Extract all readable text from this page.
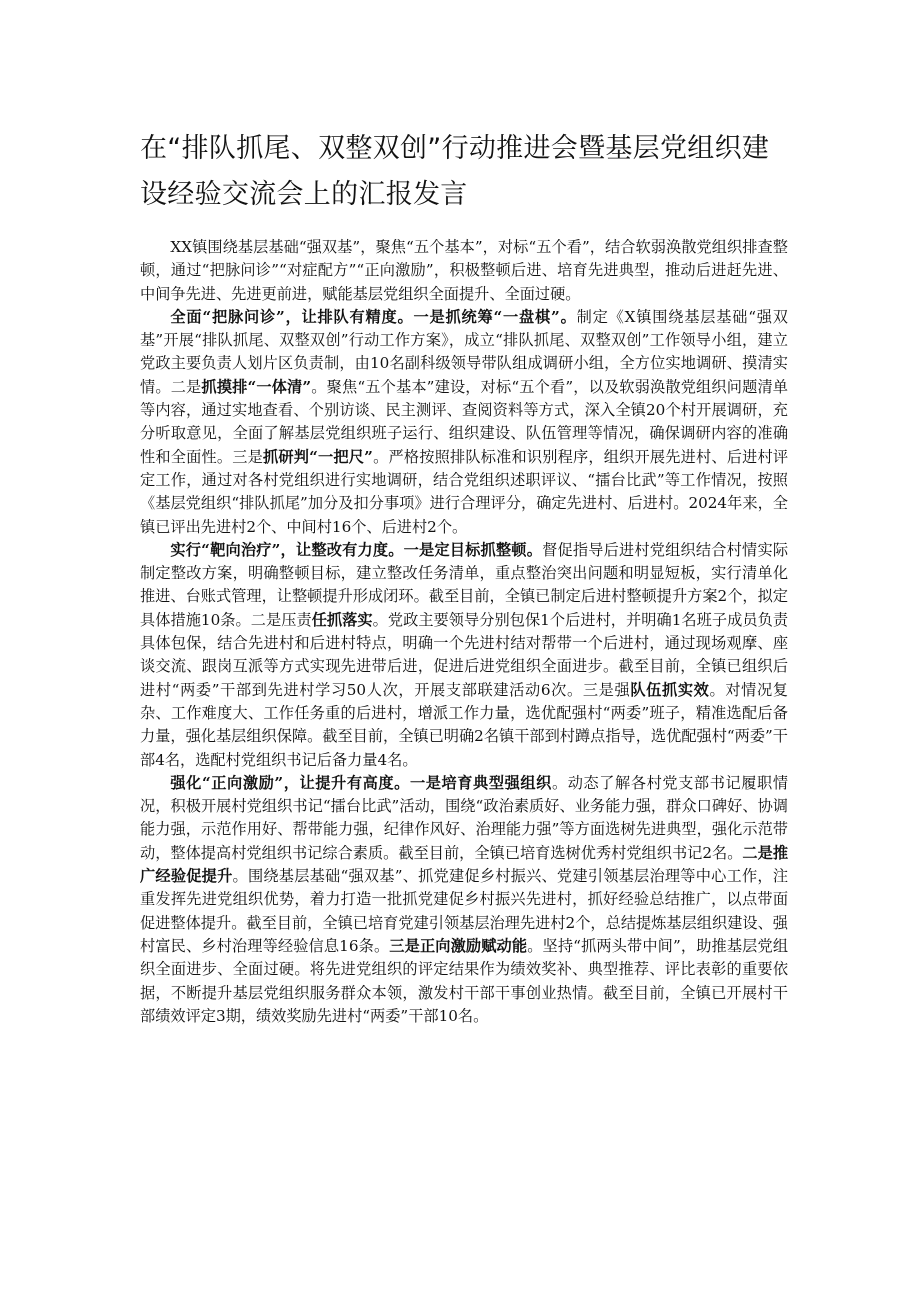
在“排队抓尾、双整双创”行动推进会暨基层党组织建设经验交流会上的汇报发言

XX镇围绕基层基础“强双基”，聚焦“五个基本”，对标“五个看”，结合软弱涣散党组织排查整顿，通过“把脉问诊”“对症配方”“正向激励”，积极整顿后进、培育先进典型，推动后进赶先进、中间争先进、先进更前进，赋能基层党组织全面提升、全面过硬。

全面“把脉问诊”，让排队有精度。一是抓统筹“一盘棋”。制定《X镇围绕基层基础“强双基”开展“排队抓尾、双整双创”行动工作方案》，成立“排队抓尾、双整双创”工作领导小组，建立党政主要负责人划片区负责制，由10名副科级领导带队组成调研小组，全方位实地调研、摸清实情。二是抓摸排“一体清”。聚焦“五个基本”建设，对标“五个看”，以及软弱涣散党组织问题清单等内容，通过实地查看、个别访谈、民主测评、查阅资料等方式，深入全镇20个村开展调研，充分听取意见，全面了解基层党组织班子运行、组织建设、队伍管理等情况，确保调研内容的准确性和全面性。三是抓研判“一把尺”。严格按照排队标准和识别程序，组织开展先进村、后进村评定工作，通过对各村党组织进行实地调研，结合党组织述职评议、“擂台比武”等工作情况，按照《基层党组织“排队抓尾”加分及扣分事项》进行合理评分，确定先进村、后进村。2024年来，全镇已评出先进村2个、中间村16个、后进村2个。

实行“靶向治疗”，让整改有力度。一是定目标抓整顿。督促指导后进村党组织结合村情实际制定整改方案，明确整顿目标，建立整改任务清单，重点整治突出问题和明显短板，实行清单化推进、台账式管理，让整顿提升形成闭环。截至目前，全镇已制定后进村整顿提升方案2个，拟定具体措施10条。二是压责任抓落实。党政主要领导分别包保1个后进村，并明确1名班子成员负责具体包保，结合先进村和后进村特点，明确一个先进村结对帮带一个后进村，通过现场观摩、座谈交流、跟岗互派等方式实现先进带后进，促进后进党组织全面进步。截至目前，全镇已组织后进村“两委”干部到先进村学习50人次，开展支部联建活动6次。三是强队伍抓实效。对情况复杂、工作难度大、工作任务重的后进村，增派工作力量，选优配强村“两委”班子，精准选配后备力量，强化基层组织保障。截至目前，全镇已明确2名镇干部到村蹲点指导，选优配强村“两委”干部4名，选配村党组织书记后备力量4名。

强化“正向激励”，让提升有高度。一是培育典型强组织。动态了解各村党支部书记履职情况，积极开展村党组织书记“擂台比武”活动，围绕“政治素质好、业务能力强，群众口碑好、协调能力强，示范作用好、帮带能力强，纪律作风好、治理能力强”等方面选树先进典型，强化示范带动，整体提高村党组织书记综合素质。截至目前，全镇已培育选树优秀村党组织书记2名。二是推广经验促提升。围绕基层基础“强双基”、抓党建促乡村振兴、党建引领基层治理等中心工作，注重发挥先进党组织优势，着力打造一批抓党建促乡村振兴先进村，抓好经验总结推广，以点带面促进整体提升。截至目前，全镇已培育党建引领基层治理先进村2个，总结提炼基层组织建设、强村富民、乡村治理等经验信息16条。三是正向激励赋动能。坚持“抓两头带中间”，助推基层党组织全面进步、全面过硬。将先进党组织的评定结果作为绩效奖补、典型推荐、评比表彰的重要依据，不断提升基层党组织服务群众本领，激发村干部干事创业热情。截至目前，全镇已开展村干部绩效评定3期，绩效奖励先进村“两委”干部10名。
